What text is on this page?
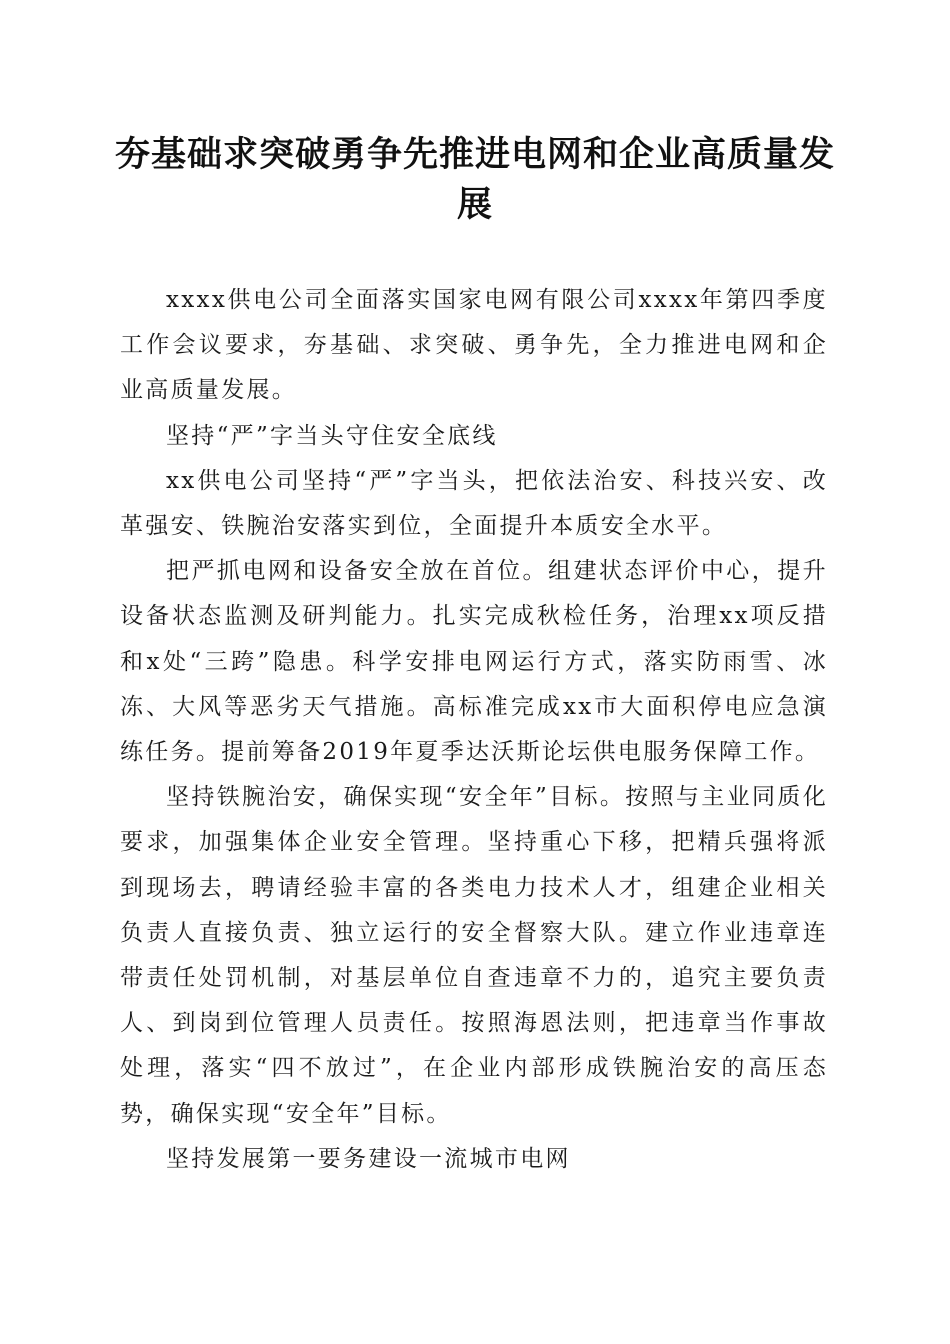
夯基础求突破勇争先推进电网和企业高质量发展

xxxx供电公司全面落实国家电网有限公司xxxx年第四季度工作会议要求，夯基础、求突破、勇争先，全力推进电网和企业高质量发展。

坚持“严”字当头守住安全底线

xx供电公司坚持“严”字当头，把依法治安、科技兴安、改革强安、铁腕治安落实到位，全面提升本质安全水平。

把严抓电网和设备安全放在首位。组建状态评价中心，提升设备状态监测及研判能力。扎实完成秋检任务，治理xx项反措和x处“三跨”隐患。科学安排电网运行方式，落实防雨雪、冰冻、大风等恶劣天气措施。高标准完成xx市大面积停电应急演练任务。提前筹备2019年夏季达沃斯论坛供电服务保障工作。

坚持铁腕治安，确保实现“安全年”目标。按照与主业同质化要求，加强集体企业安全管理。坚持重心下移，把精兵强将派到现场去，聘请经验丰富的各类电力技术人才，组建企业相关负责人直接负责、独立运行的安全督察大队。建立作业违章连带责任处罚机制，对基层单位自查违章不力的，追究主要负责人、到岗到位管理人员责任。按照海恩法则，把违章当作事故处理，落实“四不放过”，在企业内部形成铁腕治安的高压态势，确保实现“安全年”目标。

坚持发展第一要务建设一流城市电网
